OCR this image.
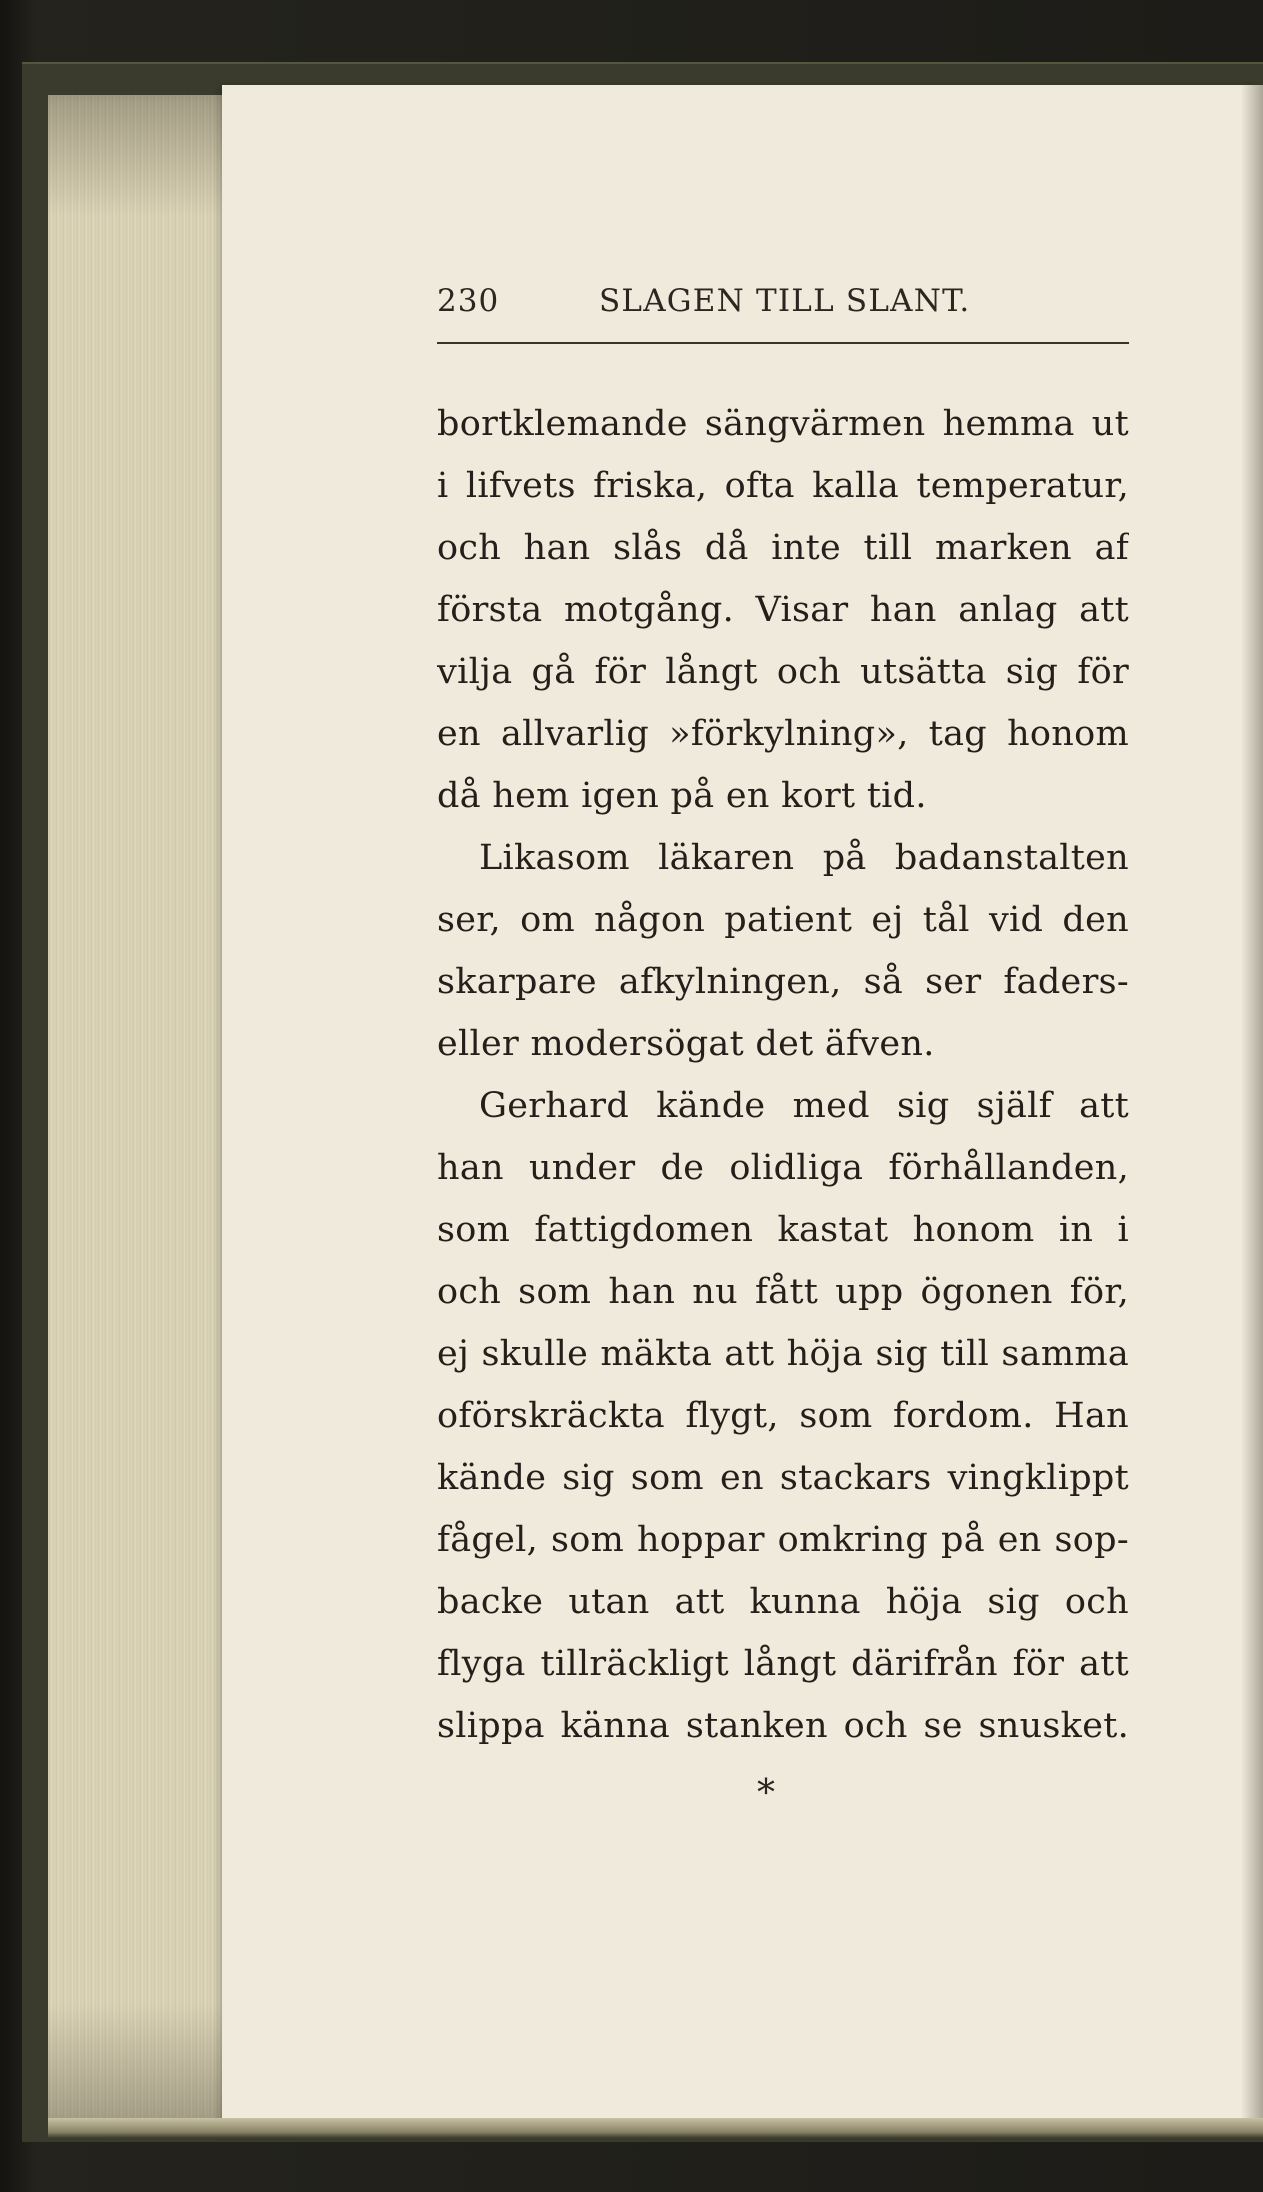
230	SLAGEN TILL SLANT.
bortklemande sängvärmen hemma ut
i lifvets friska, ofta kalla temperatur,
och han slås då inte till marken af
första motgång. Visar han anlag att
vilja gå för långt och utsätta sig för
en allvarlig »förkylning», tag honom
då hem igen på en kort tid.
Likasom läkaren på badanstalten
ser, om någon patient ej tål vid den
skarpare afkylningen, så ser faders-
eller modersögat det äfven.
Gerhard kände med sig själf att
han under de olidliga förhållanden,
som fattigdomen kastat honom in i
och som han nu fått upp ögonen för,
ej skulle mäkta att höja sig till samma
oförskräckta flygt, som fordom. Han
kände sig som en stackars vingklippt
fågel, som hoppar omkring på en sop-
backe utan att kunna höja sig och
flyga tillräckligt långt därifrån för att
slippa känna stanken och se snusket.
*
